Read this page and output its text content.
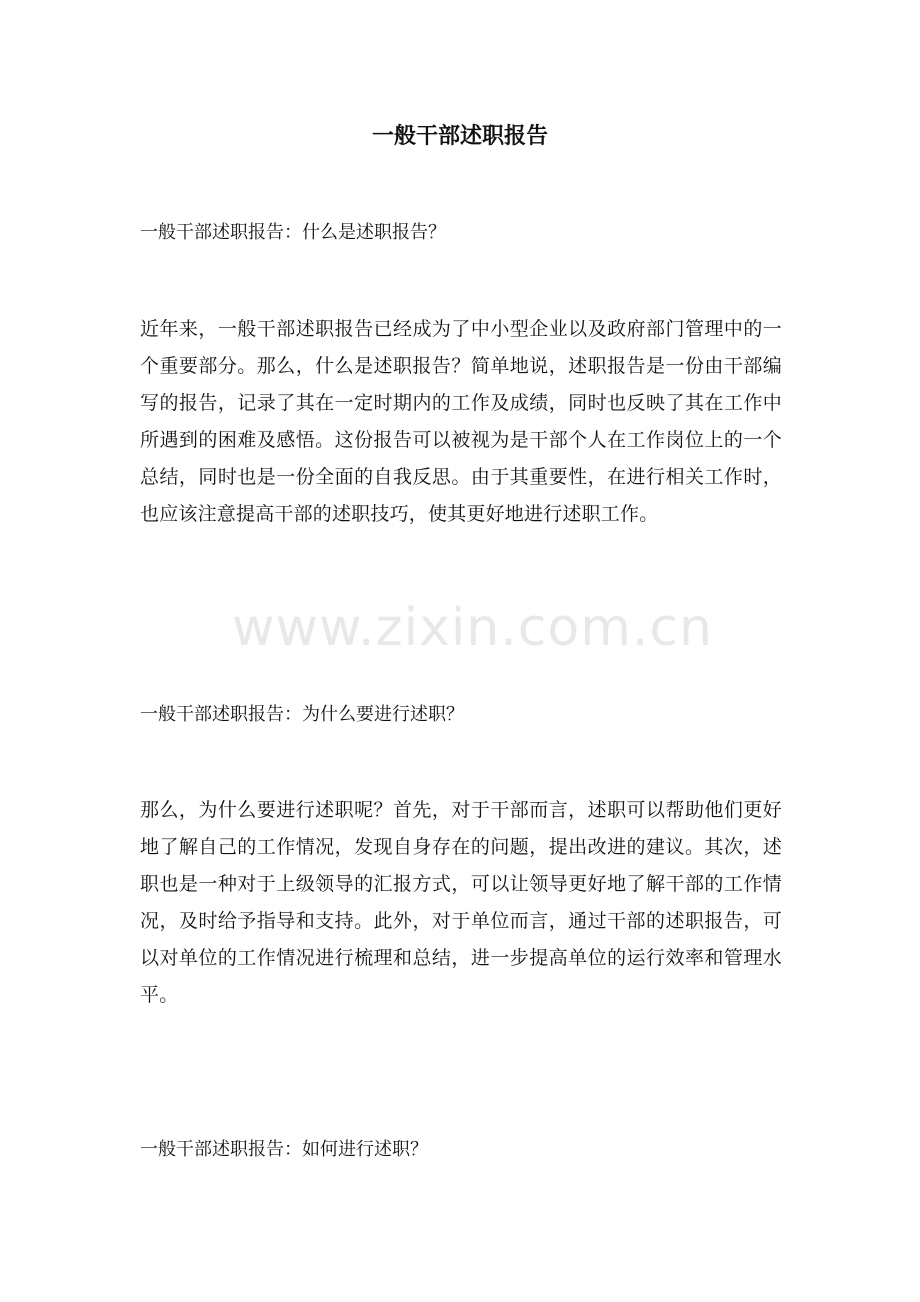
一般干部述职报告

一般干部述职报告：什么是述职报告？

近年来，一般干部述职报告已经成为了中小型企业以及政府部门管理中的一个重要部分。那么，什么是述职报告？简单地说，述职报告是一份由干部编写的报告，记录了其在一定时期内的工作及成绩，同时也反映了其在工作中所遇到的困难及感悟。这份报告可以被视为是干部个人在工作岗位上的一个总结，同时也是一份全面的自我反思。由于其重要性，在进行相关工作时，也应该注意提高干部的述职技巧，使其更好地进行述职工作。

一般干部述职报告：为什么要进行述职？

那么，为什么要进行述职呢？首先，对于干部而言，述职可以帮助他们更好地了解自己的工作情况，发现自身存在的问题，提出改进的建议。其次，述职也是一种对于上级领导的汇报方式，可以让领导更好地了解干部的工作情况，及时给予指导和支持。此外，对于单位而言，通过干部的述职报告，可以对单位的工作情况进行梳理和总结，进一步提高单位的运行效率和管理水平。

一般干部述职报告：如何进行述职？

www.zixin.com.cn
